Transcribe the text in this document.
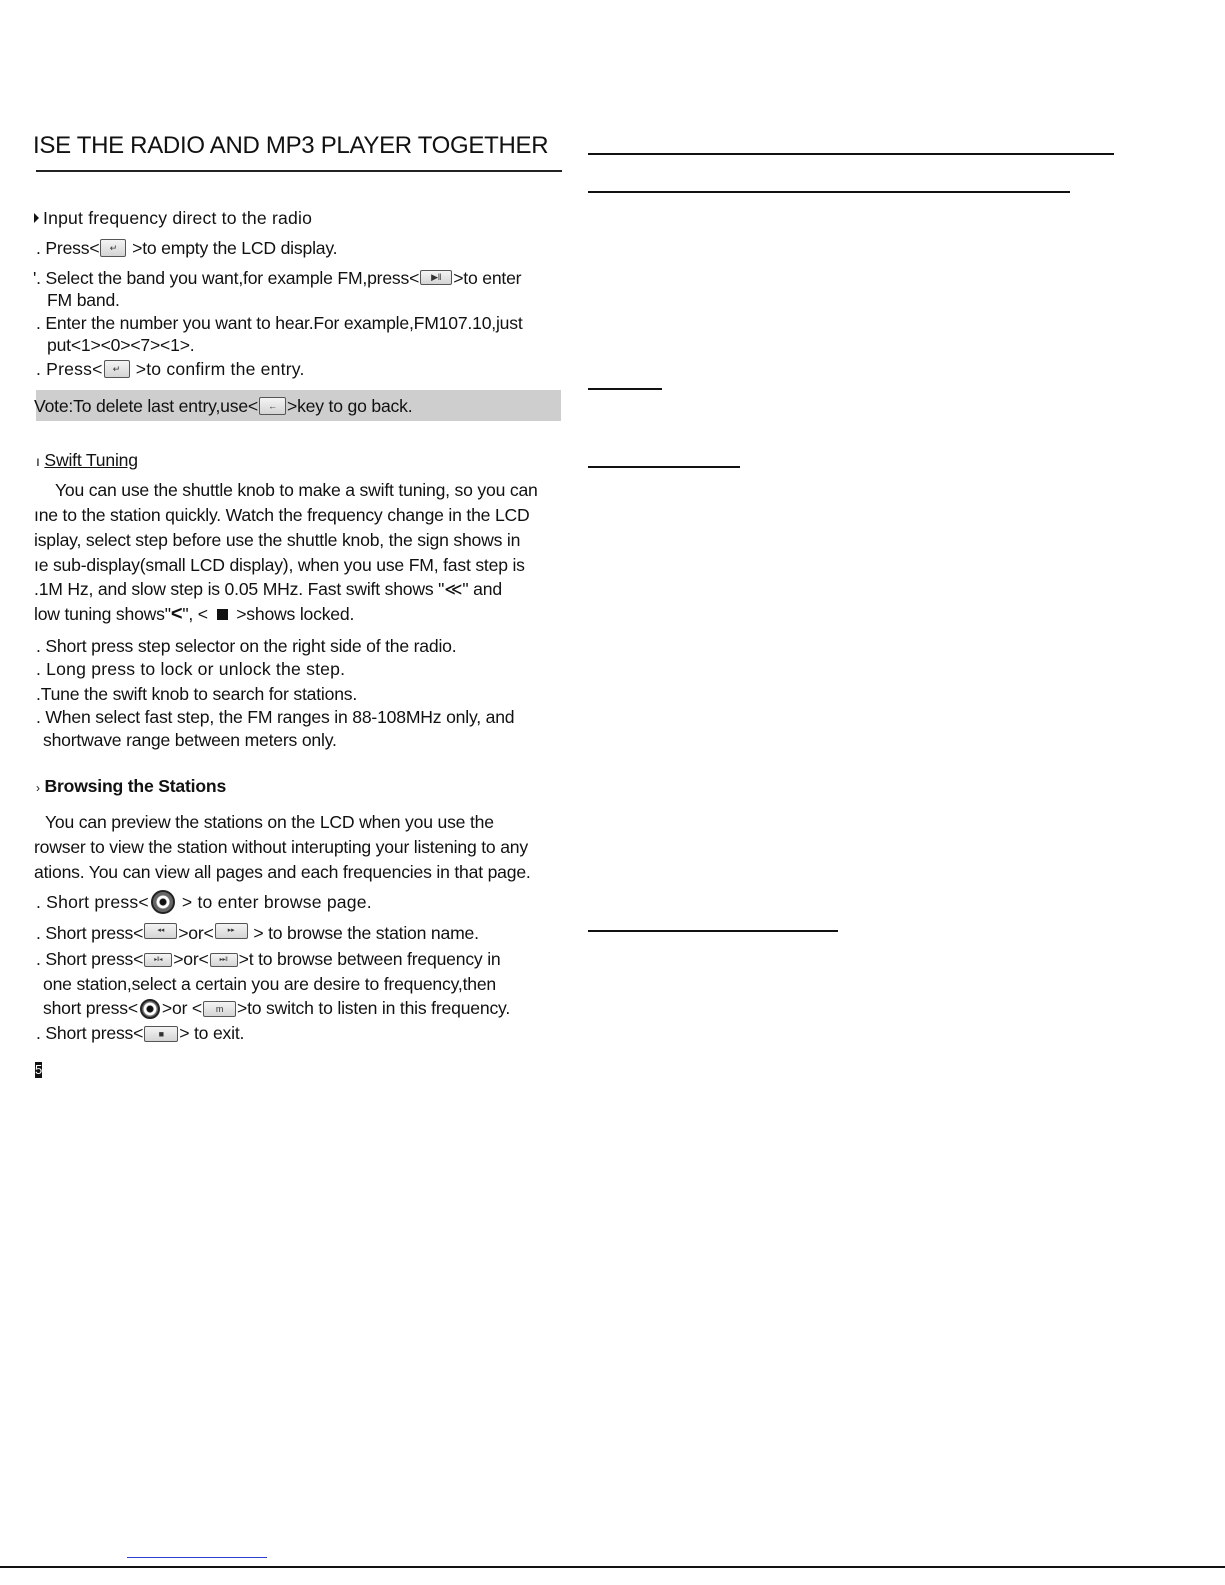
ISE THE RADIO AND MP3 PLAYER TOGETHER
Input frequency direct to the radio
. Press<	↵ >to empty the LCD display.
'. Select the band you want,for example FM,press<	▶‖ >to enter
FM band.
. Enter the number you want to hear.For example,FM107.10,just
put<1><0><7><1>.
. Press<	↵ >to confirm the entry.
Vote:To delete last entry,use<	← >key to go back.
ı Swift Tuning
You can use the shuttle knob to make a swift tuning, so you can
ıne to the station quickly. Watch the frequency change in the LCD
isplay, select step before use the shuttle knob, the sign shows in
ıe sub-display(small LCD display), when you use FM, fast step is
.1M Hz, and slow step is 0.05 MHz. Fast swift shows "≪" and
low tuning shows"<", <  >shows locked.
. Short press step selector on the right side of the radio.
. Long press to lock or unlock the step.
.Tune the swift knob to search for stations.
. When select fast step, the FM ranges in 88-108MHz only, and
shortwave range between meters only.
› Browsing the Stations
You can preview the stations on the LCD when you use the
rowser to view the station without interupting your listening to any
ations. You can view all pages and each frequencies in that page.
. Short press< > to enter browse page.
. Short press<	◂◂ >or<	▸▸ > to browse the station name.
. Short press<	▸‖◂ >or<	▸▸‖ >t to browse between frequency in
one station,select a certain you are desire to frequency,then
short press< >or <	m >to switch to listen in this frequency.
. Short press<	■ > to exit.
5
